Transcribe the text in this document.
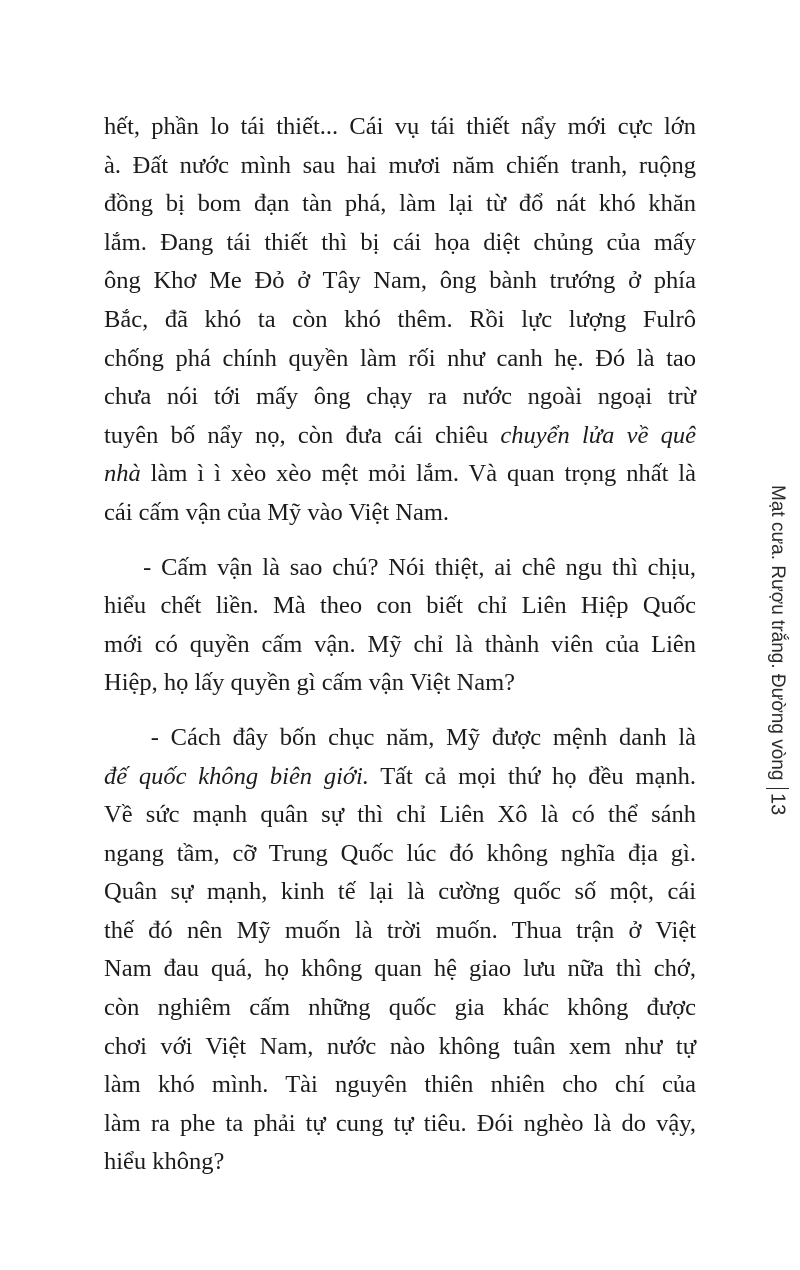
hết, phần lo tái thiết... Cái vụ tái thiết nẩy mới cực lớn
à. Đất nước mình sau hai mươi năm chiến tranh, ruộng
đồng bị bom đạn tàn phá, làm lại từ đổ nát khó khăn
lắm. Đang tái thiết thì bị cái họa diệt chủng của mấy
ông Khơ Me Đỏ ở Tây Nam, ông bành trướng ở phía
Bắc, đã khó ta còn khó thêm. Rồi lực lượng Fulrô
chống phá chính quyền làm rối như canh hẹ. Đó là tao
chưa nói tới mấy ông chạy ra nước ngoài ngoại trừ
tuyên bố nẩy nọ, còn đưa cái chiêu chuyển lửa về quê
nhà làm ì ì xèo xèo mệt mỏi lắm. Và quan trọng nhất là
cái cấm vận của Mỹ vào Việt Nam.
- Cấm vận là sao chú? Nói thiệt, ai chê ngu thì chịu,
hiểu chết liền. Mà theo con biết chỉ Liên Hiệp Quốc
mới có quyền cấm vận. Mỹ chỉ là thành viên của Liên
Hiệp, họ lấy quyền gì cấm vận Việt Nam?
- Cách đây bốn chục năm, Mỹ được mệnh danh là
đế quốc không biên giới. Tất cả mọi thứ họ đều mạnh.
Về sức mạnh quân sự thì chỉ Liên Xô là có thể sánh
ngang tầm, cỡ Trung Quốc lúc đó không nghĩa địa gì.
Quân sự mạnh, kinh tế lại là cường quốc số một, cái
thế đó nên Mỹ muốn là trời muốn. Thua trận ở Việt
Nam đau quá, họ không quan hệ giao lưu nữa thì chớ,
còn nghiêm cấm những quốc gia khác không được
chơi với Việt Nam, nước nào không tuân xem như tự
làm khó mình. Tài nguyên thiên nhiên cho chí của
làm ra phe ta phải tự cung tự tiêu. Đói nghèo là do vậy,
hiểu không?
Mạt cưa. Rượu trắng. Đường vòng
13
